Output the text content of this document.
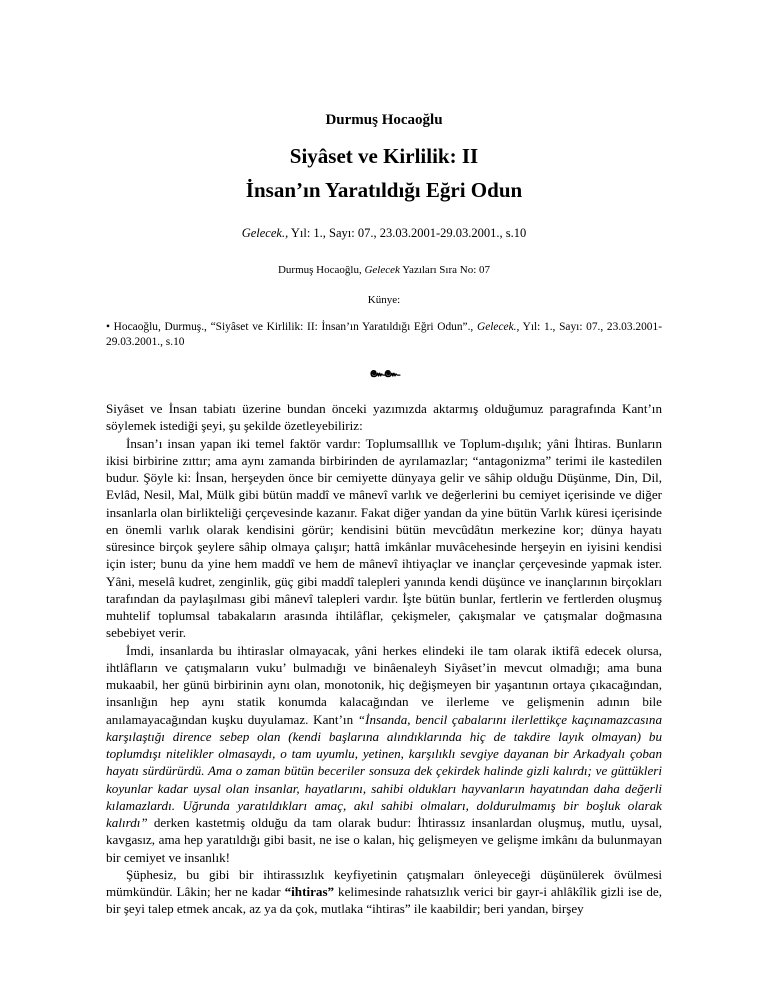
Durmuş Hocaoğlu
Siyâset ve Kirlilik: II
İnsan’ın Yaratıldığı Eğri Odun
Gelecek., Yıl: 1., Sayı: 07., 23.03.2001-29.03.2001., s.10
Durmuş Hocaoğlu, Gelecek Yazıları Sıra No: 07
Künye:
• Hocaoğlu, Durmuş., “Siyâset ve Kirlilik: II: İnsan’ın Yaratıldığı Eğri Odun”., Gelecek., Yıl: 1., Sayı: 07., 23.03.2001-29.03.2001., s.10
๛๛

Siyâset ve İnsan tabiatı üzerine bundan önceki yazımızda aktarmış olduğumuz paragrafında Kant’ın söylemek istediği şeyi, şu şekilde özetleyebiliriz:

İnsan’ı insan yapan iki temel faktör vardır: Toplumsalllık ve Toplum-dışılık; yâni İhtiras. Bunların ikisi birbirine zıttır; ama aynı zamanda birbirinden de ayrılamazlar; “antagonizma” terimi ile kastedilen budur. Şöyle ki: İnsan, herşeyden önce bir cemiyette dünyaya gelir ve sâhip olduğu Düşünme, Din, Dil, Evlâd, Nesil, Mal, Mülk gibi bütün maddî ve mânevî varlık ve değerlerini bu cemiyet içerisinde ve diğer insanlarla olan birlikteliği çerçevesinde kazanır. Fakat diğer yandan da yine bütün Varlık küresi içerisinde en önemli varlık olarak kendisini görür; kendisini bütün mevcûdâtın merkezine kor; dünya hayatı süresince birçok şeylere sâhip olmaya çalışır; hattâ imkânlar muvâcehesinde herşeyin en iyisini kendisi için ister; bunu da yine hem maddî ve hem de mânevî ihtiyaçlar ve inançlar çerçevesinde yapmak ister. Yâni, meselâ kudret, zenginlik, güç gibi maddî talepleri yanında kendi düşünce ve inançlarının birçokları tarafından da paylaşılması gibi mânevî talepleri vardır. İşte bütün bunlar, fertlerin ve fertlerden oluşmuş muhtelif toplumsal tabakaların arasında ihtilâflar, çekişmeler, çakışmalar ve çatışmalar doğmasına sebebiyet verir.

İmdi, insanlarda bu ihtiraslar olmayacak, yâni herkes elindeki ile tam olarak iktifâ edecek olursa, ihtlâfların ve çatışmaların vuku’ bulmadığı ve binâenaleyh Siyâset’in mevcut olmadığı; ama buna mukaabil, her günü birbirinin aynı olan, monotonik, hiç değişmeyen bir yaşantının ortaya çıkacağından, insanlığın hep aynı statik konumda kalacağından ve ilerleme ve gelişmenin adının bile anılamayacağından kuşku duyulamaz. Kant’ın “İnsanda, bencil çabalarını ilerlettikçe kaçınamazcasına karşılaştığı dirence sebep olan (kendi başlarına alındıklarında hiç de takdire layık olmayan) bu toplumdışı nitelikler olmasaydı, o tam uyumlu, yetinen, karşılıklı sevgiye dayanan bir Arkadyalı çoban hayatı sürdürürdü. Ama o zaman bütün beceriler sonsuza dek çekirdek halinde gizli kalırdı; ve güttükleri koyunlar kadar uysal olan insanlar, hayatlarını, sahibi oldukları hayvanların hayatından daha değerli kılamazlardı. Uğrunda yaratıldıkları amaç, akıl sahibi olmaları, doldurulmamış bir boşluk olarak kalırdı” derken kastetmiş olduğu da tam olarak budur: İhtirassız insanlardan oluşmuş, mutlu, uysal, kavgasız, ama hep yaratıldığı gibi basit, ne ise o kalan, hiç gelişmeyen ve gelişme imkânı da bulunmayan bir cemiyet ve insanlık!

Şüphesiz, bu gibi bir ihtirassızlık keyfiyetinin çatışmaları önleyeceği düşünülerek övülmesi mümkündür. Lâkin; her ne kadar “ihtiras” kelimesinde rahatsızlık verici bir gayr-i ahlâkîlik gizli ise de, bir şeyi talep etmek ancak, az ya da çok, mutlaka “ihtiras” ile kaabildir; beri yandan, birşey
